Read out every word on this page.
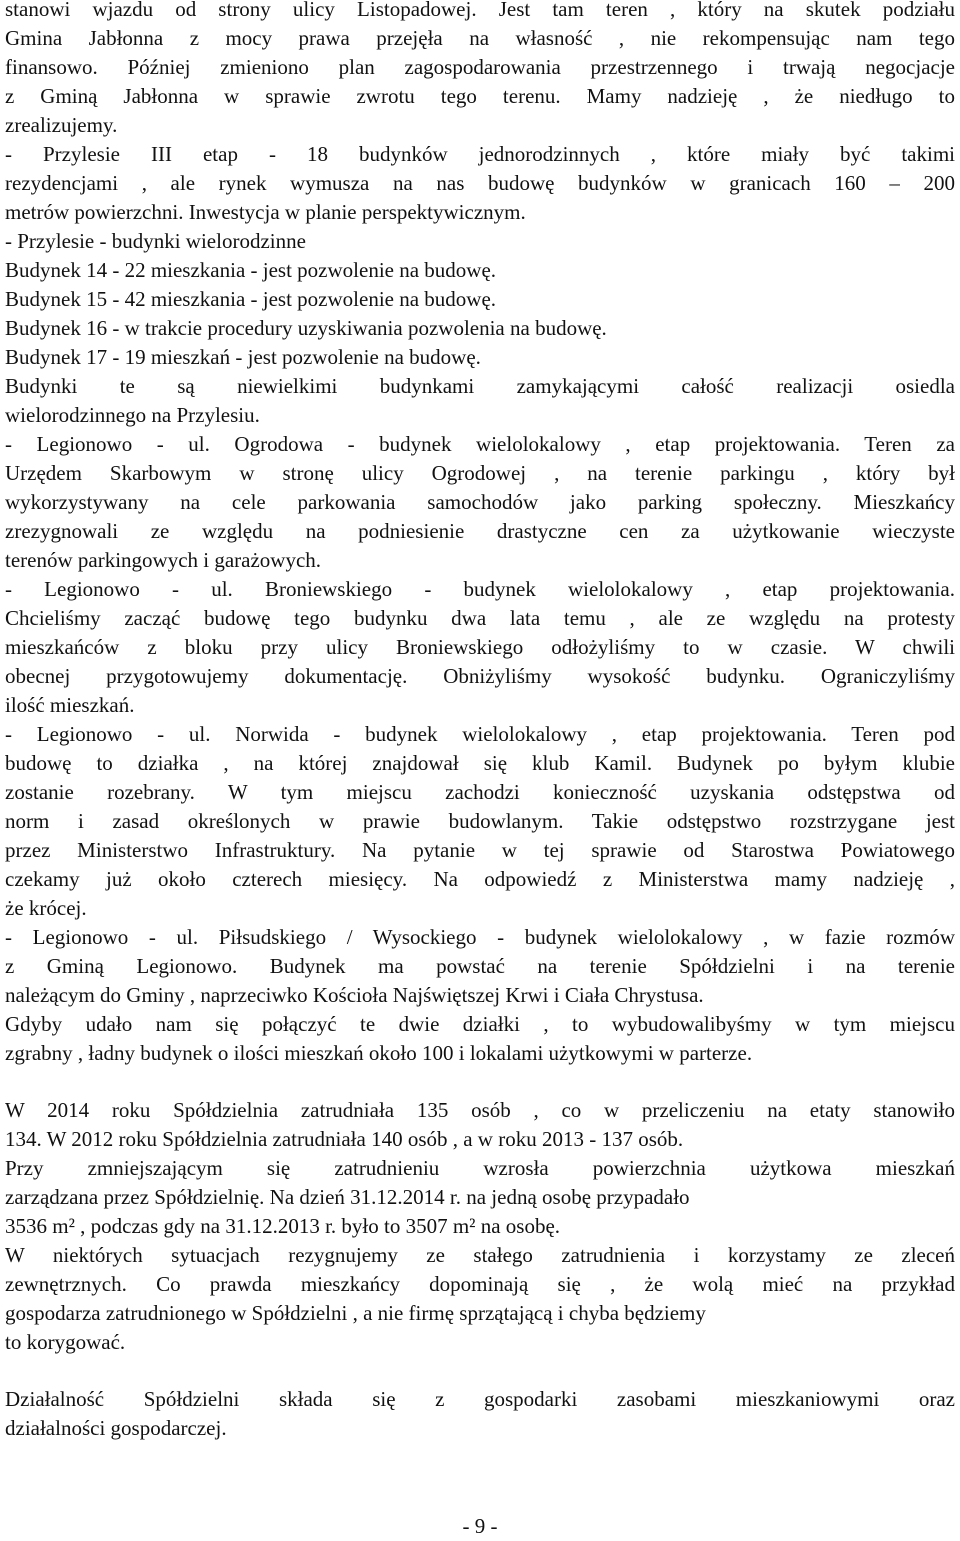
stanowi wjazdu od strony ulicy Listopadowej. Jest tam teren , który na skutek podziału
Gmina Jabłonna z mocy prawa przejęła na własność , nie rekompensując nam tego
finansowo. Później zmieniono plan zagospodarowania przestrzennego i trwają negocjacje
z Gminą Jabłonna w sprawie zwrotu tego terenu. Mamy nadzieję , że niedługo to
zrealizujemy.
- Przylesie III etap - 18 budynków jednorodzinnych , które miały być takimi
rezydencjami , ale rynek wymusza na nas budowę budynków w granicach 160 – 200
metrów powierzchni. Inwestycja w planie perspektywicznym.
- Przylesie - budynki wielorodzinne
Budynek 14 - 22 mieszkania - jest pozwolenie na budowę.
Budynek 15 - 42 mieszkania - jest pozwolenie na budowę.
Budynek 16 - w trakcie procedury uzyskiwania pozwolenia na budowę.
Budynek 17 - 19 mieszkań - jest pozwolenie na budowę.
Budynki te są niewielkimi budynkami zamykającymi całość realizacji osiedla
wielorodzinnego na Przylesiu.
- Legionowo - ul. Ogrodowa - budynek wielolokalowy , etap projektowania. Teren za
Urzędem Skarbowym w stronę ulicy Ogrodowej , na terenie parkingu , który był
wykorzystywany na cele parkowania samochodów jako parking społeczny. Mieszkańcy
zrezygnowali ze względu na podniesienie drastyczne cen za użytkowanie wieczyste
terenów parkingowych i garażowych.
- Legionowo - ul. Broniewskiego - budynek wielolokalowy , etap projektowania.
Chcieliśmy zacząć budowę tego budynku dwa lata temu , ale ze względu na protesty
mieszkańców z bloku przy ulicy Broniewskiego odłożyliśmy to w czasie. W chwili
obecnej przygotowujemy dokumentację. Obniżyliśmy wysokość budynku. Ograniczyliśmy
ilość mieszkań.
- Legionowo - ul. Norwida - budynek wielolokalowy , etap projektowania. Teren pod
budowę to działka , na której znajdował się klub Kamil. Budynek po byłym klubie
zostanie rozebrany. W tym miejscu zachodzi konieczność uzyskania odstępstwa od
norm i zasad określonych w prawie budowlanym. Takie odstępstwo rozstrzygane jest
przez Ministerstwo Infrastruktury. Na pytanie w tej sprawie od Starostwa Powiatowego
czekamy już około czterech miesięcy. Na odpowiedź z Ministerstwa mamy nadzieję ,
że krócej.
- Legionowo - ul. Piłsudskiego / Wysockiego - budynek wielolokalowy , w fazie rozmów
z Gminą Legionowo. Budynek ma powstać na terenie Spółdzielni i na terenie
należącym do Gminy , naprzeciwko Kościoła Najświętszej Krwi i Ciała Chrystusa.
Gdyby udało nam się połączyć te dwie działki , to wybudowalibyśmy w tym miejscu
zgrabny , ładny budynek o ilości mieszkań około 100 i lokalami użytkowymi w parterze.
W 2014 roku Spółdzielnia zatrudniała 135 osób , co w przeliczeniu na etaty stanowiło
134. W 2012 roku Spółdzielnia zatrudniała 140 osób , a w roku 2013 - 137 osób.
Przy zmniejszającym się zatrudnieniu wzrosła powierzchnia użytkowa mieszkań
zarządzana przez Spółdzielnię. Na dzień 31.12.2014 r. na jedną osobę przypadało
3536 m² , podczas gdy na 31.12.2013 r. było to 3507 m² na osobę.
W niektórych sytuacjach rezygnujemy ze stałego zatrudnienia i korzystamy ze zleceń
zewnętrznych. Co prawda mieszkańcy dopominają się , że wolą mieć na przykład
gospodarza zatrudnionego w Spółdzielni , a nie firmę sprzątającą i chyba będziemy
to korygować.
Działalność Spółdzielni składa się z gospodarki zasobami mieszkaniowymi oraz
działalności gospodarczej.
- 9 -
